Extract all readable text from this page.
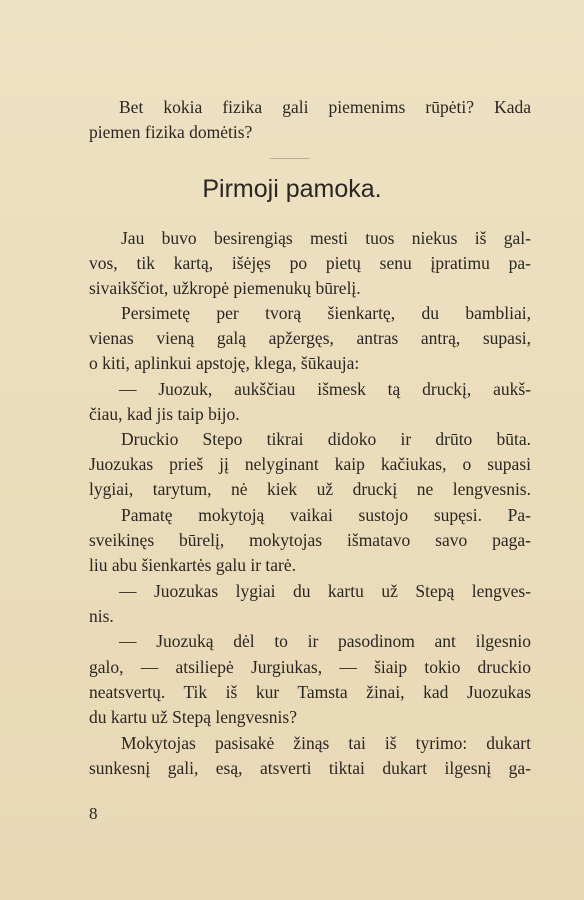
Bet kokia fizika gali piemenims rūpėti? Kada
piemen fizika domėtis?
Pirmoji pamoka.
Jau buvo besirengiąs mesti tuos niekus iš gal-
vos, tik kartą, išėjęs po pietų senu įpratimu pa-
sivaikščiot, užkropė piemenukų būrelį.
Persimetę per tvorą šienkartę, du bambliai,
vienas vieną galą apžergęs, antras antrą, supasi,
o kiti, aplinkui apstoję, klega, šūkauja:
— Juozuk, aukščiau išmesk tą druckį, aukš-
čiau, kad jis taip bijo.
Druckio Stepo tikrai didoko ir drūto būta.
Juozukas prieš jį nelyginant kaip kačiukas, o supasi
lygiai, tarytum, nė kiek už druckį ne lengvesnis.
Pamatę mokytoją vaikai sustojo supęsi. Pa-
sveikinęs būrelį, mokytojas išmatavo savo paga-
liu abu šienkartės galu ir tarė.
— Juozukas lygiai du kartu už Stepą lengves-
nis.
— Juozuką dėl to ir pasodinom ant ilgesnio
galo, — atsiliepė Jurgiukas, — šiaip tokio druckio
neatsvertų. Tik iš kur Tamsta žinai, kad Juozukas
du kartu už Stepą lengvesnis?
Mokytojas pasisakė žinąs tai iš tyrimo: dukart
sunkesnį gali, esą, atsverti tiktai dukart ilgesnį ga-
8
